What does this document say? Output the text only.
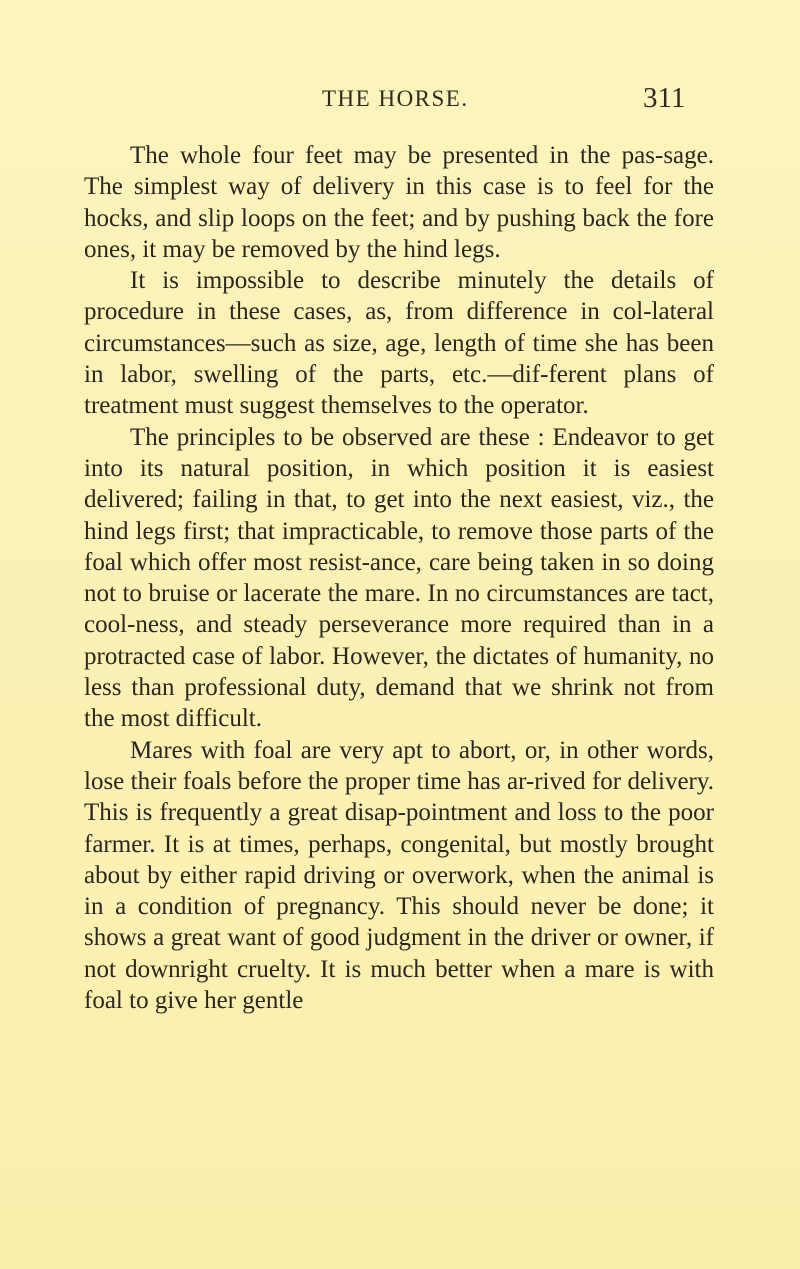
THE HORSE.	311

The whole four feet may be presented in the pas-sage. The simplest way of delivery in this case is to feel for the hocks, and slip loops on the feet; and by pushing back the fore ones, it may be removed by the hind legs.

It is impossible to describe minutely the details of procedure in these cases, as, from difference in col-lateral circumstances—such as size, age, length of time she has been in labor, swelling of the parts, etc.—dif-ferent plans of treatment must suggest themselves to the operator.

The principles to be observed are these : Endeavor to get into its natural position, in which position it is easiest delivered; failing in that, to get into the next easiest, viz., the hind legs first; that impracticable, to remove those parts of the foal which offer most resist-ance, care being taken in so doing not to bruise or lacerate the mare. In no circumstances are tact, cool-ness, and steady perseverance more required than in a protracted case of labor. However, the dictates of humanity, no less than professional duty, demand that we shrink not from the most difficult.

Mares with foal are very apt to abort, or, in other words, lose their foals before the proper time has ar-rived for delivery. This is frequently a great disap-pointment and loss to the poor farmer. It is at times, perhaps, congenital, but mostly brought about by either rapid driving or overwork, when the animal is in a condition of pregnancy. This should never be done; it shows a great want of good judgment in the driver or owner, if not downright cruelty. It is much better when a mare is with foal to give her gentle
